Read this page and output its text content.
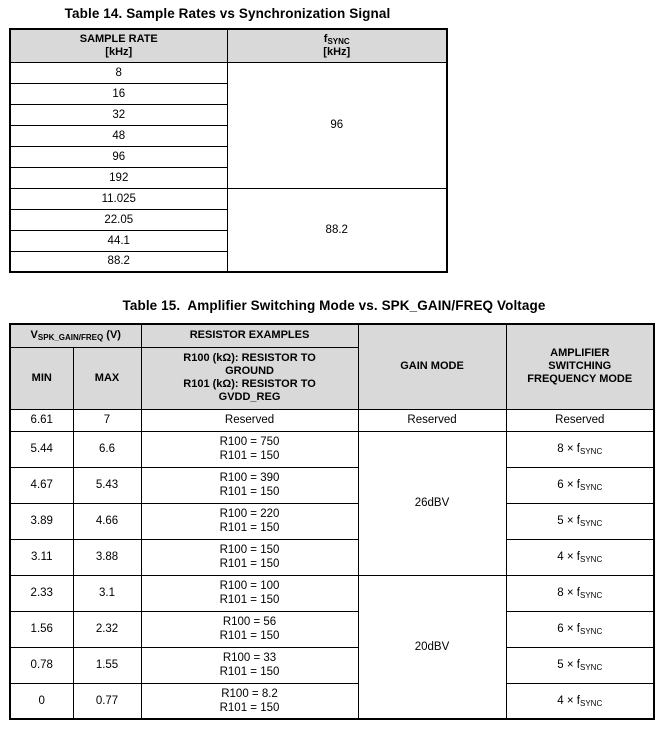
Table 14. Sample Rates vs Synchronization Signal
SAMPLE RATE
[kHz]	$f_{SYNC}$
[kHz]

8	96
16	
32	
48	
96	
192	
11.025	88.2
22.05	
44.1	
88.2	
Table 15.  Amplifier Switching Mode vs. SPK_GAIN/FREQ Voltage
$V_{SPK\_GAIN/FREQ}$ (V)		RESISTOR EXAMPLES	GAIN MODE	AMPLIFIER
SWITCHING
FREQUENCY MODE

MIN	MAX	R100 (kΩ): RESISTOR TO
GROUND
R101 (kΩ): RESISTOR TO
GVDD_REG		

6.61	7	Reserved	Reserved	Reserved
5.44	6.6	R100 = 750
R101 = 150	26dBV	$8 \times f_{SYNC}$
4.67	5.43	R100 = 390
R101 = 150		$6 \times f_{SYNC}$
3.89	4.66	R100 = 220
R101 = 150		$5 \times f_{SYNC}$
3.11	3.88	R100 = 150
R101 = 150		$4 \times f_{SYNC}$
2.33	3.1	R100 = 100
R101 = 150	20dBV	$8 \times f_{SYNC}$
1.56	2.32	R100 = 56
R101 = 150		$6 \times f_{SYNC}$
0.78	1.55	R100 = 33
R101 = 150		$5 \times f_{SYNC}$
0	0.77	R100 = 8.2
R101 = 150		$4 \times f_{SYNC}$
